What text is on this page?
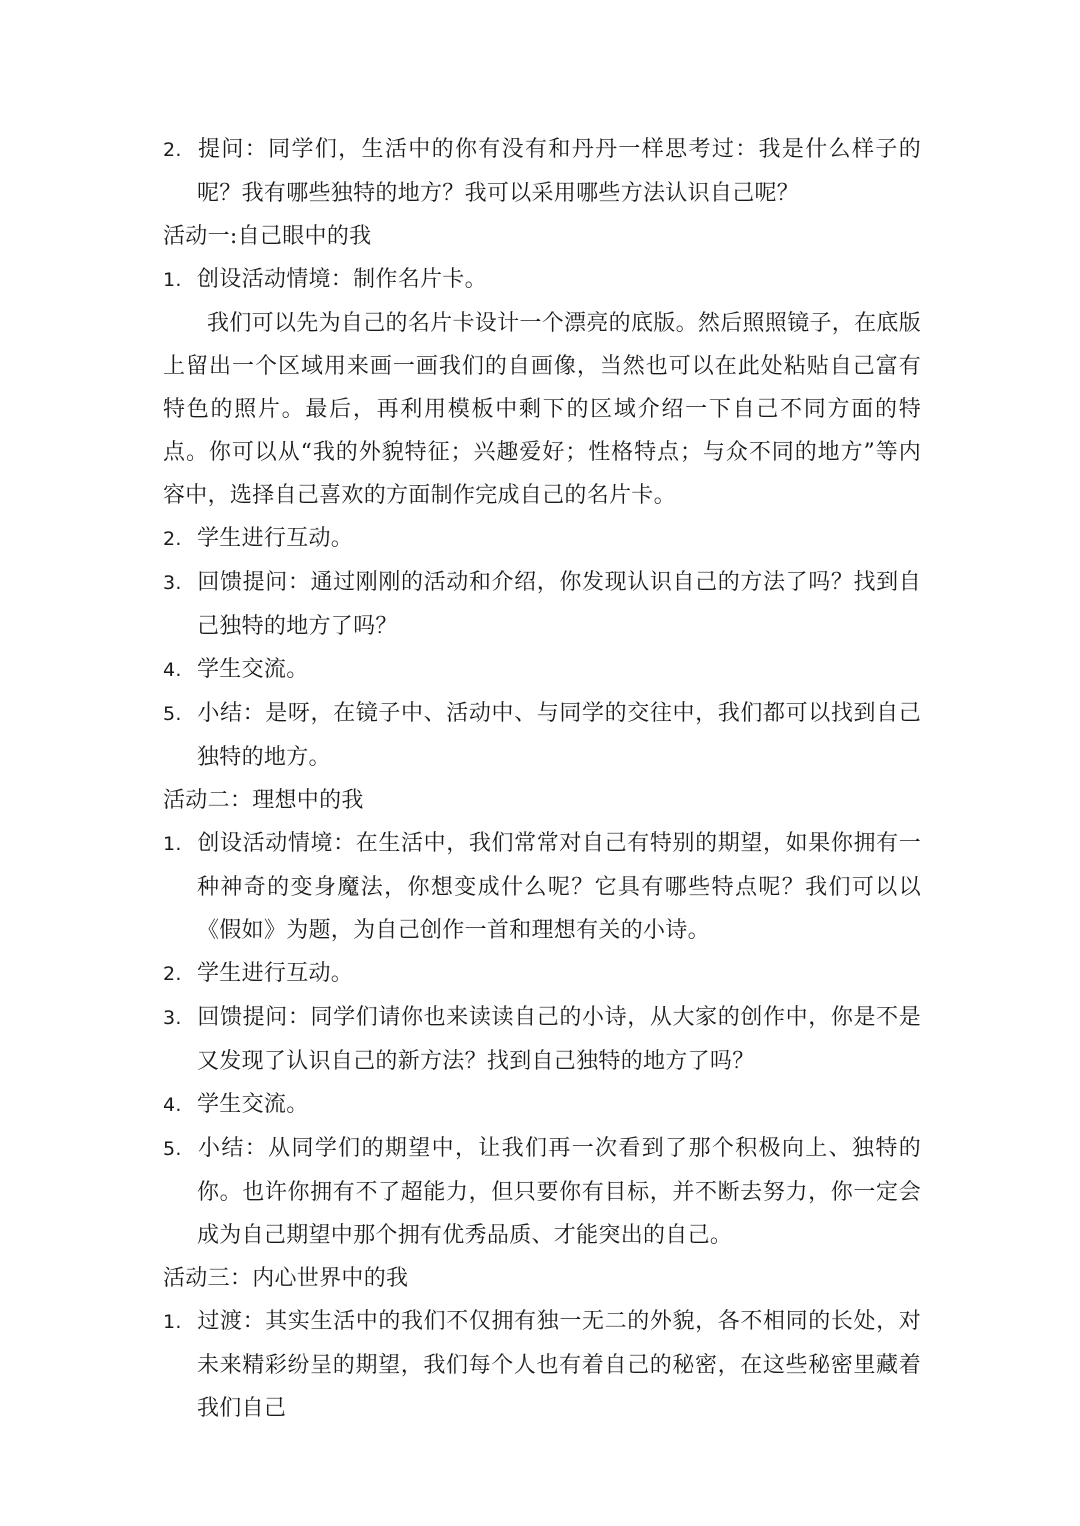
2. 提问：同学们，生活中的你有没有和丹丹一样思考过：我是什么样子的呢？我有哪些独特的地方？我可以采用哪些方法认识自己呢？

活动一:自己眼中的我

1. 创设活动情境：制作名片卡。

我们可以先为自己的名片卡设计一个漂亮的底版。然后照照镜子，在底版上留出一个区域用来画一画我们的自画像，当然也可以在此处粘贴自己富有特色的照片。最后，再利用模板中剩下的区域介绍一下自己不同方面的特点。你可以从“我的外貌特征；兴趣爱好；性格特点；与众不同的地方”等内容中，选择自己喜欢的方面制作完成自己的名片卡。

2. 学生进行互动。

3. 回馈提问：通过刚刚的活动和介绍，你发现认识自己的方法了吗？找到自己独特的地方了吗？

4. 学生交流。

5. 小结：是呀，在镜子中、活动中、与同学的交往中，我们都可以找到自己独特的地方。

活动二：理想中的我

1. 创设活动情境：在生活中，我们常常对自己有特别的期望，如果你拥有一种神奇的变身魔法，你想变成什么呢？它具有哪些特点呢？我们可以以《假如》为题，为自己创作一首和理想有关的小诗。

2. 学生进行互动。

3. 回馈提问：同学们请你也来读读自己的小诗，从大家的创作中，你是不是又发现了认识自己的新方法？找到自己独特的地方了吗？

4. 学生交流。

5. 小结：从同学们的期望中，让我们再一次看到了那个积极向上、独特的你。也许你拥有不了超能力，但只要你有目标，并不断去努力，你一定会成为自己期望中那个拥有优秀品质、才能突出的自己。

活动三：内心世界中的我

1. 过渡：其实生活中的我们不仅拥有独一无二的外貌，各不相同的长处，对未来精彩纷呈的期望，我们每个人也有着自己的秘密，在这些秘密里藏着我们自己
